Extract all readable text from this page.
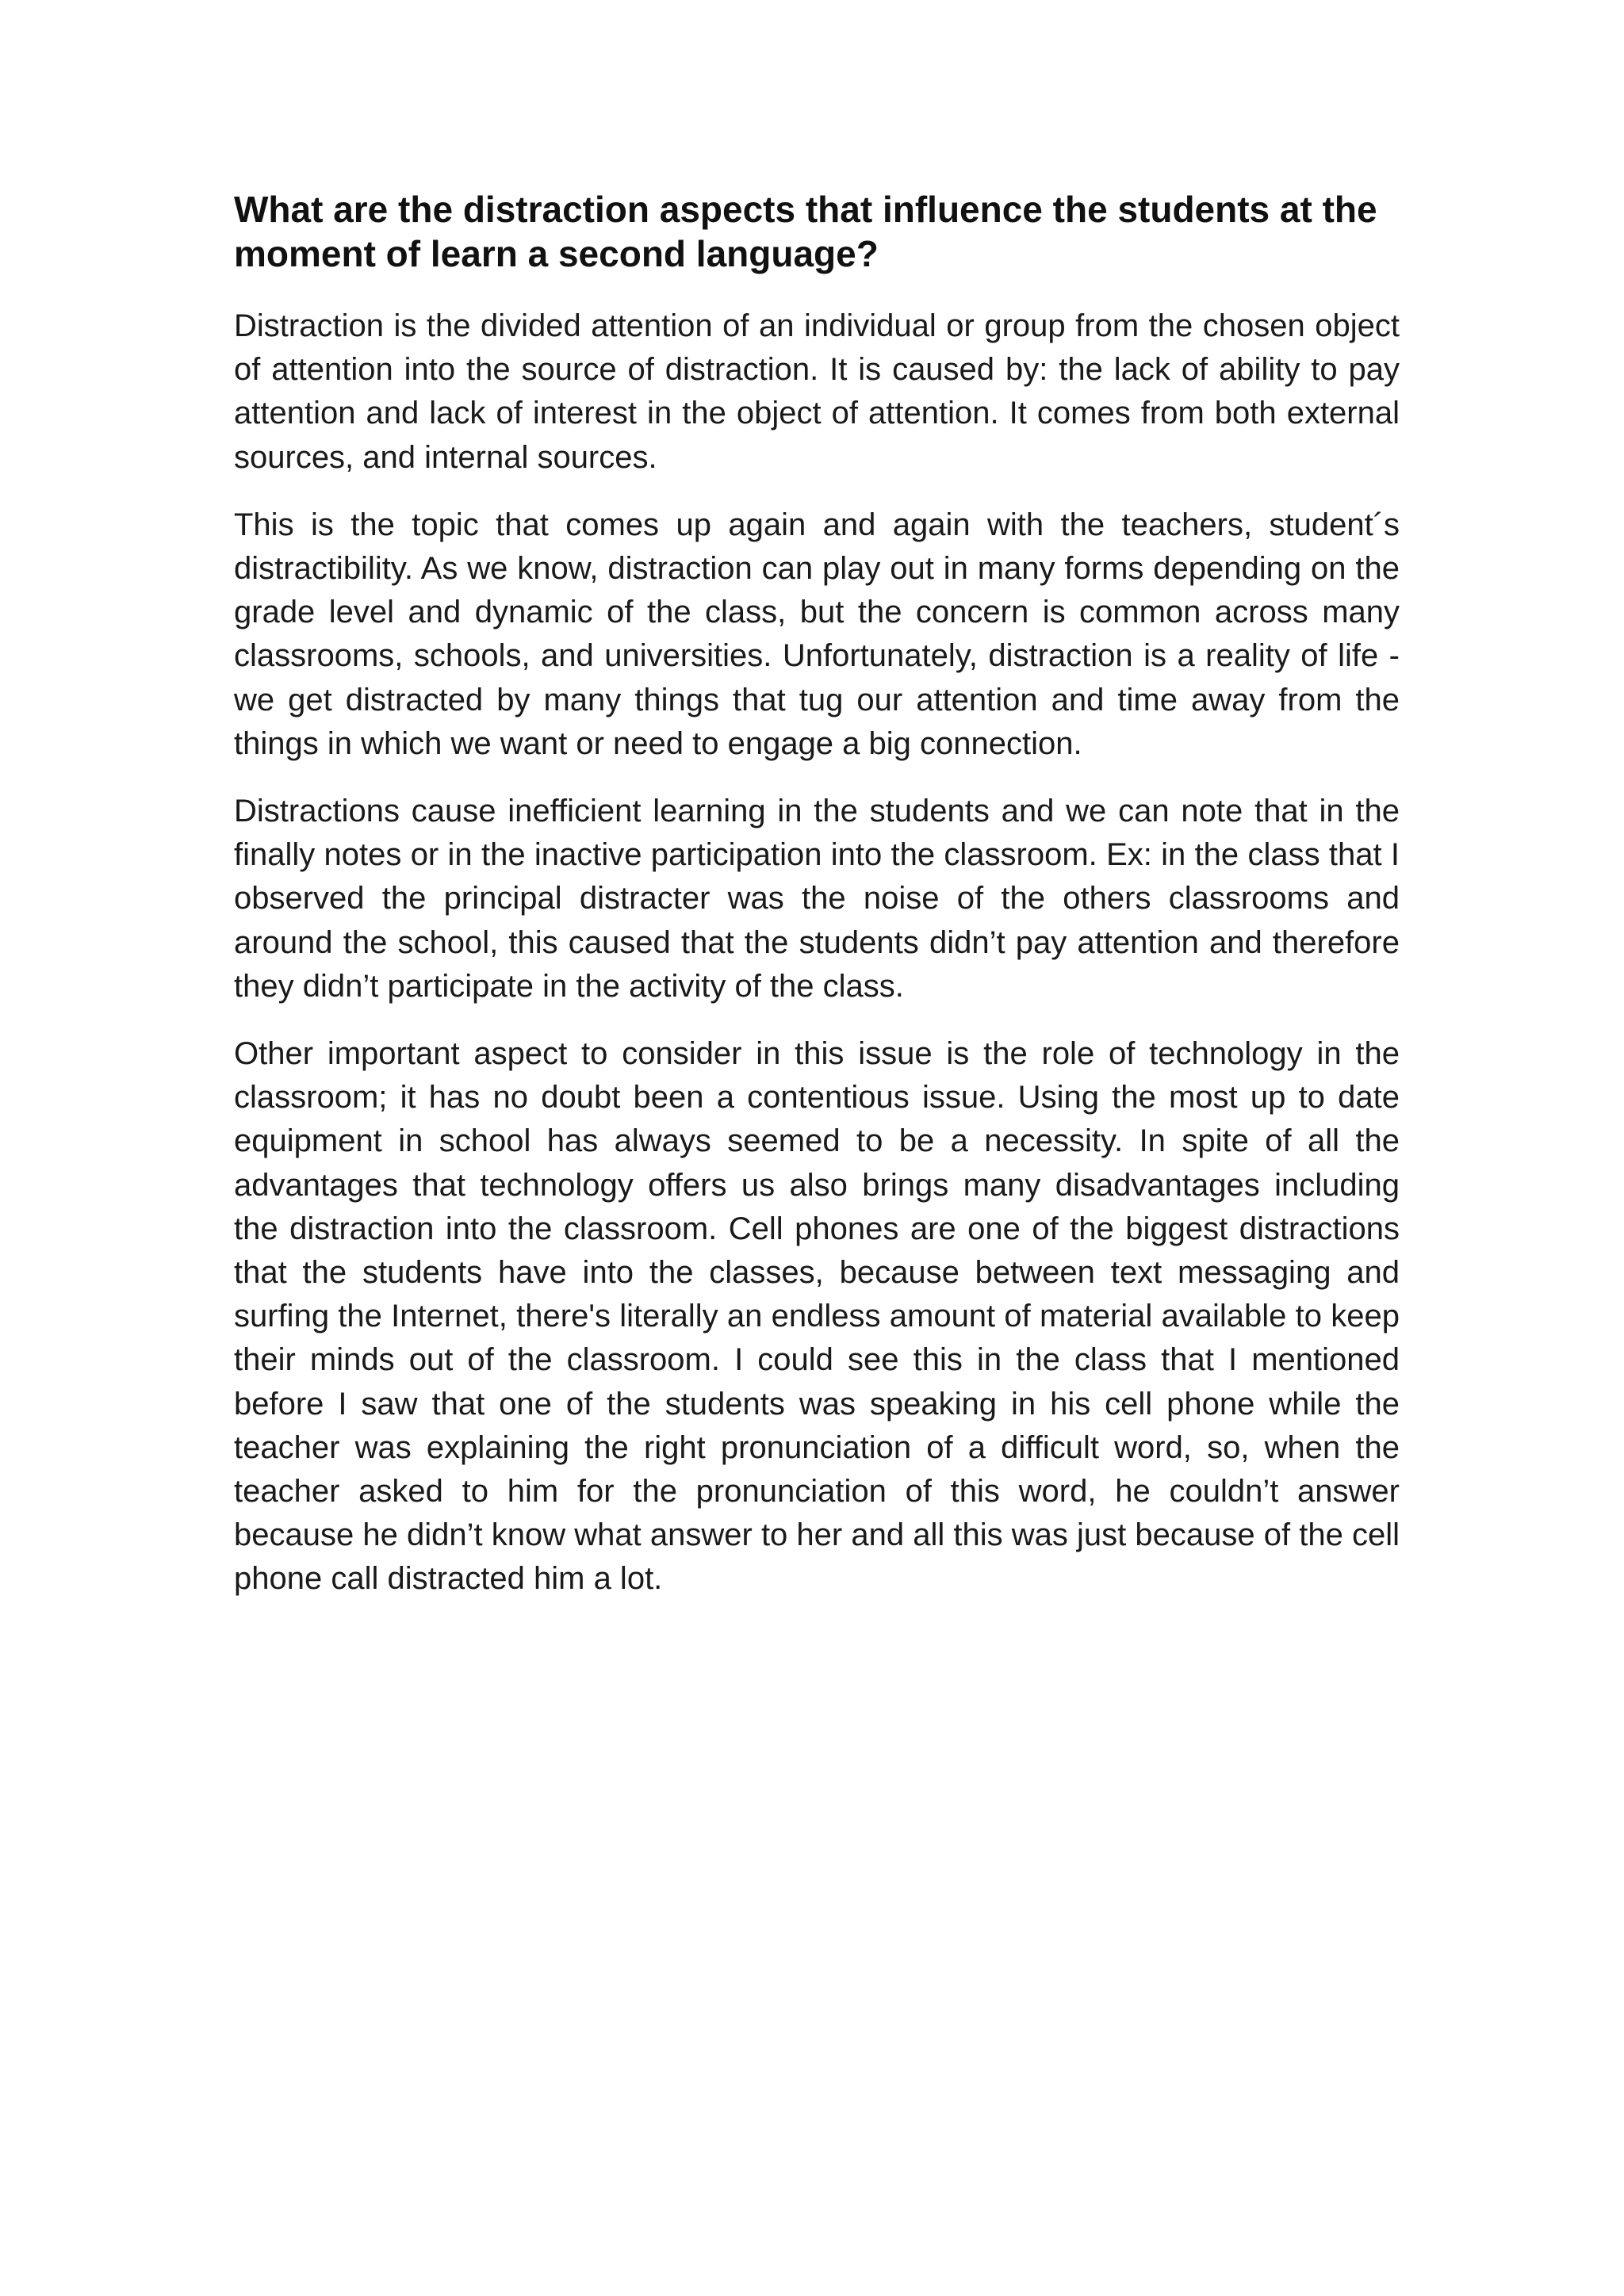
What are the distraction aspects that influence the students at the moment of learn a second language?

Distraction is the divided attention of an individual or group from the chosen object of attention into the source of distraction. It is caused by: the lack of ability to pay attention and lack of interest in the object of attention. It comes from both external sources, and internal sources.

This is the topic that comes up again and again with the teachers, student´s distractibility. As we know, distraction can play out in many forms depending on the grade level and dynamic of the class, but the concern is common across many classrooms, schools, and universities. Unfortunately, distraction is a reality of life - we get distracted by many things that tug our attention and time away from the things in which we want or need to engage a big connection.

Distractions cause inefficient learning in the students and we can note that in the finally notes or in the inactive participation into the classroom. Ex: in the class that I observed the principal distracter was the noise of the others classrooms and around the school, this caused that the students didn’t pay attention and therefore they didn’t participate in the activity of the class.

Other important aspect to consider in this issue is the role of technology in the classroom; it has no doubt been a contentious issue. Using the most up to date equipment in school has always seemed to be a necessity. In spite of all the advantages that technology offers us also brings many disadvantages including the distraction into the classroom. Cell phones are one of the biggest distractions that the students have into the classes, because between text messaging and surfing the Internet, there's literally an endless amount of material available to keep their minds out of the classroom. I could see this in the class that I mentioned before I saw that one of the students was speaking in his cell phone while the teacher was explaining the right pronunciation of a difficult word, so, when the teacher asked to him for the pronunciation of this word, he couldn’t answer because he didn’t know what answer to her and all this was just because of the cell phone call distracted him a lot.
